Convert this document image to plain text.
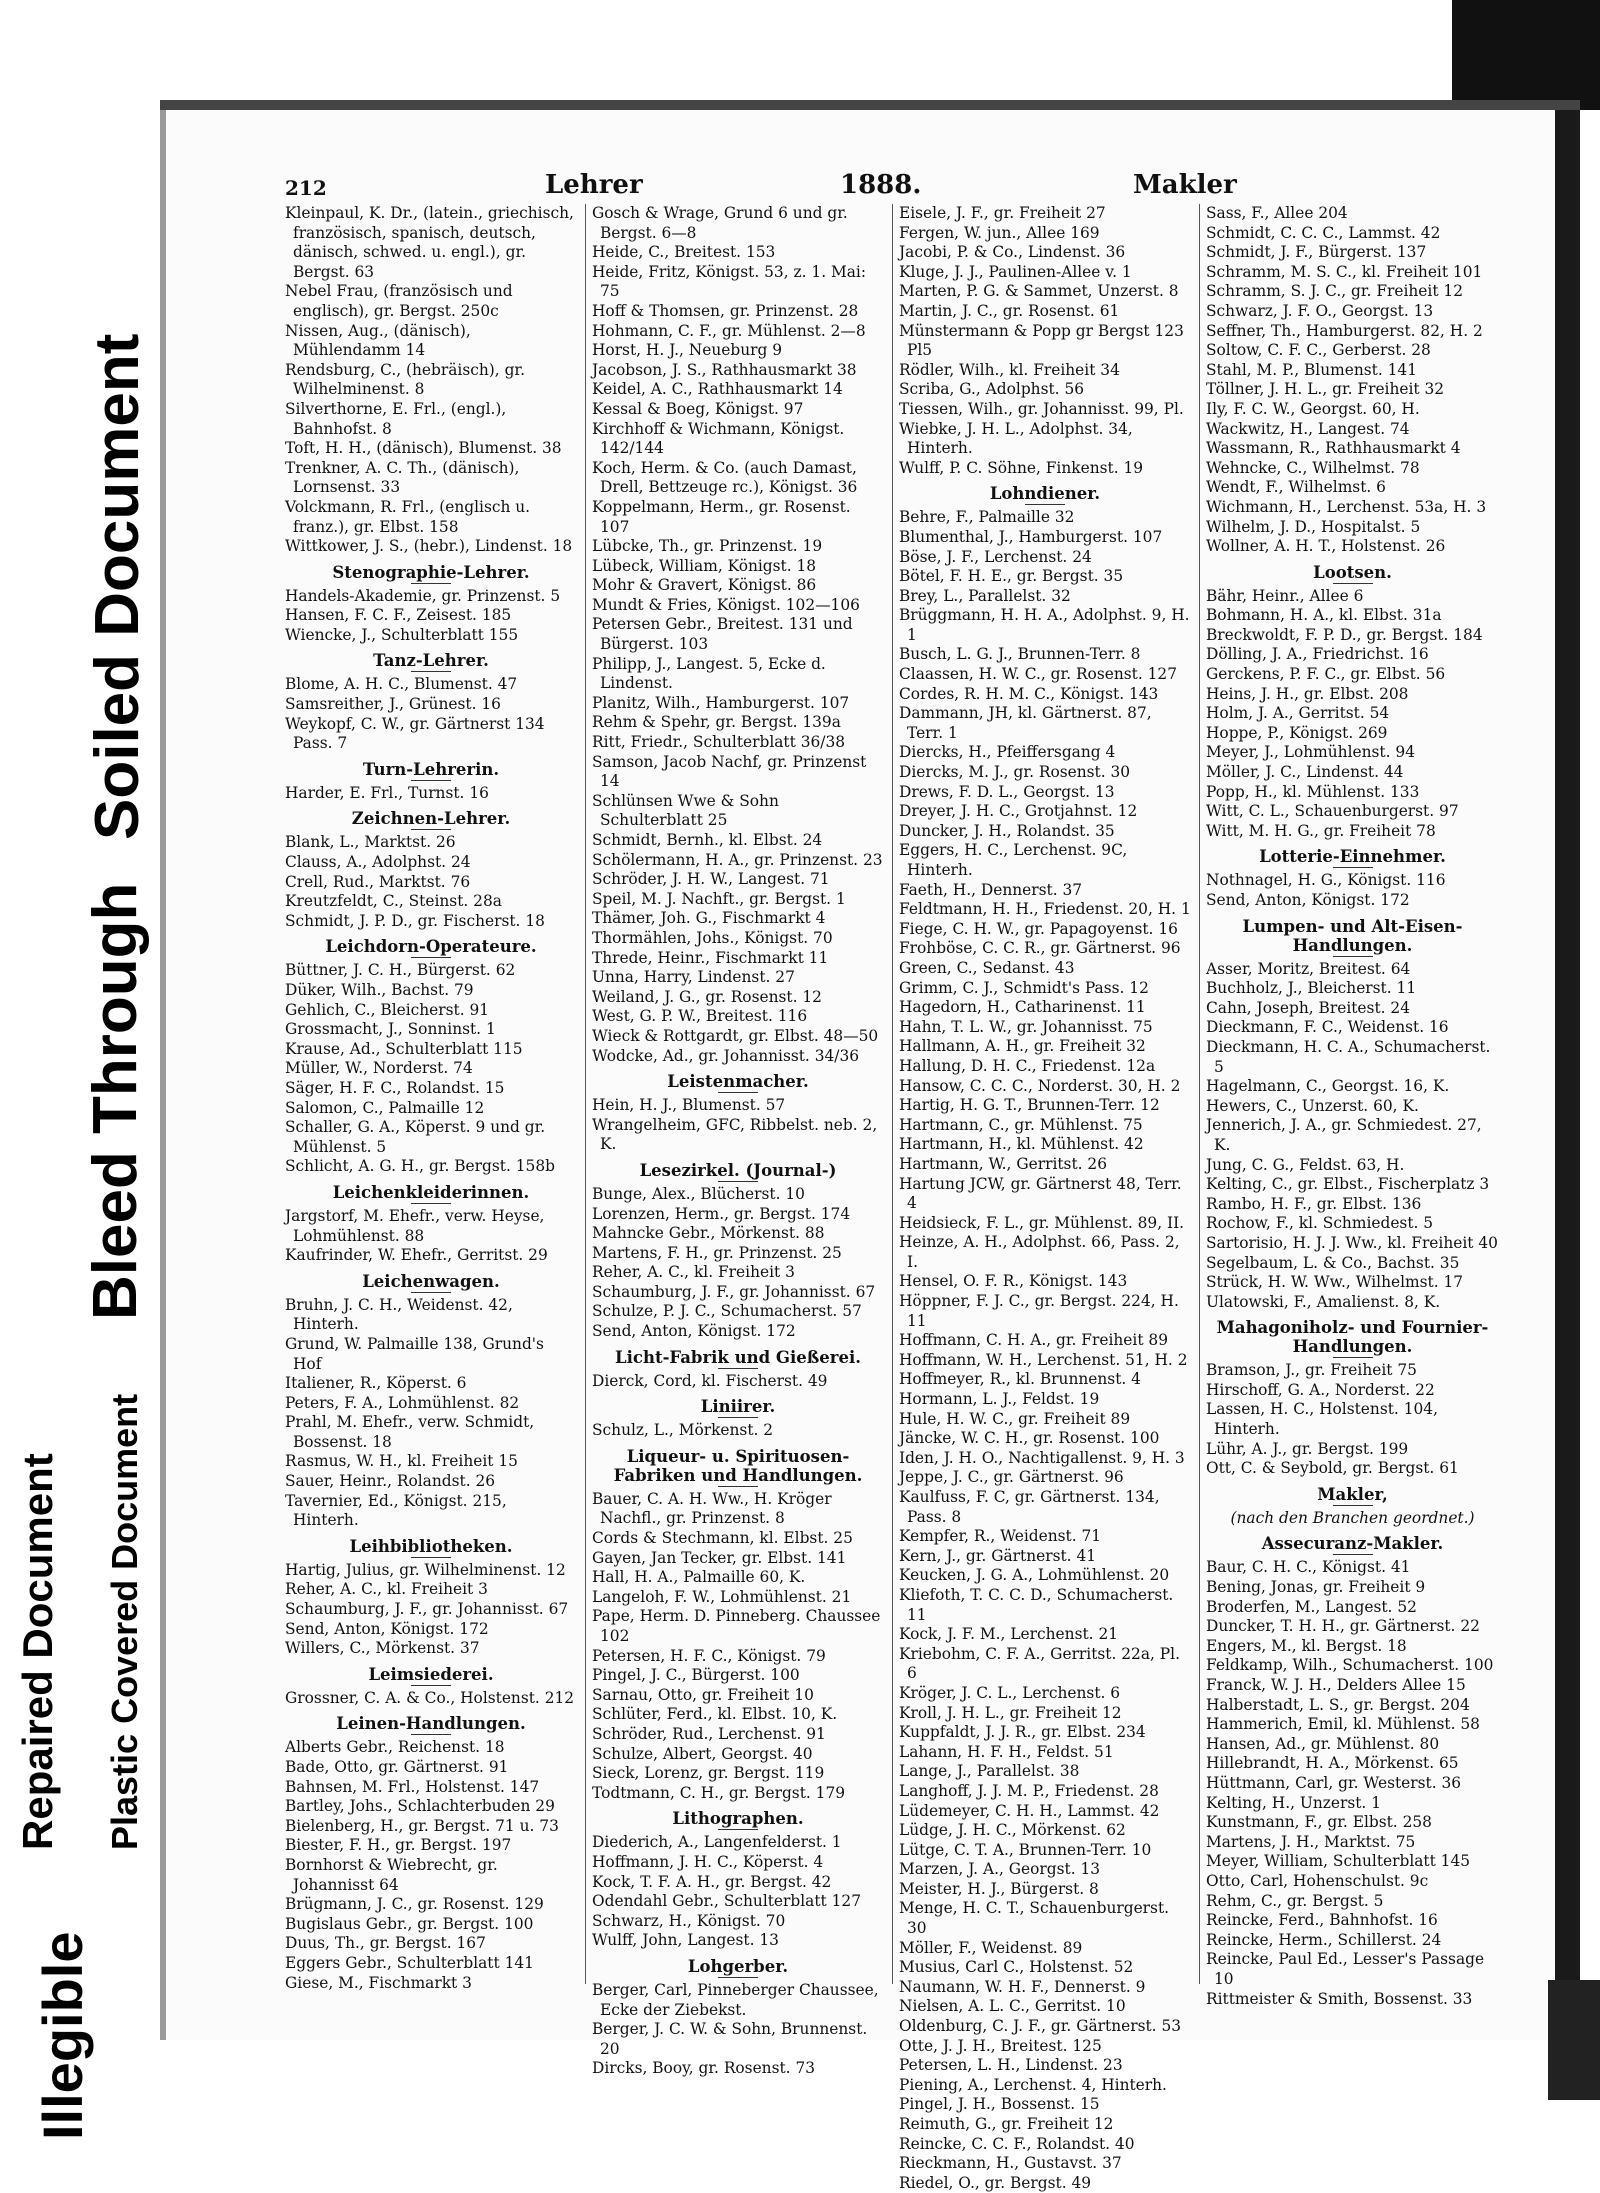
Illegible
Repaired Document Plastic Covered Document
Bleed Through
Soiled Document
212	Lehrer	1888.	Makler
Kleinpaul, K. Dr., (latein., griechisch, französisch, spanisch, deutsch, dänisch, schwed. u. engl.), gr. Bergst. 63
Nebel Frau, (französisch und englisch), gr. Bergst. 250c
Nissen, Aug., (dänisch), Mühlendamm 14
Rendsburg, C., (hebräisch), gr. Wilhelminenst. 8
Silverthorne, E. Frl., (engl.), Bahnhofst. 8
Toft, H. H., (dänisch), Blumenst. 38
Trenkner, A. C. Th., (dänisch), Lornsenst. 33
Volckmann, R. Frl., (englisch u. franz.), gr. Elbst. 158
Wittkower, J. S., (hebr.), Lindenst. 18
Stenographie-Lehrer.
Handels-Akademie, gr. Prinzenst. 5
Hansen, F. C. F., Zeisest. 185
Wiencke, J., Schulterblatt 155
Tanz-Lehrer.
Blome, A. H. C., Blumenst. 47
Samsreither, J., Grünest. 16
Weykopf, C. W., gr. Gärtnerst 134 Pass. 7
Turn-Lehrerin.
Harder, E. Frl., Turnst. 16
Zeichnen-Lehrer.
Blank, L., Marktst. 26
Clauss, A., Adolphst. 24
Crell, Rud., Marktst. 76
Kreutzfeldt, C., Steinst. 28a
Schmidt, J. P. D., gr. Fischerst. 18
Leichdorn-Operateure.
Büttner, J. C. H., Bürgerst. 62
Düker, Wilh., Bachst. 79
Gehlich, C., Bleicherst. 91
Grossmacht, J., Sonninst. 1
Krause, Ad., Schulterblatt 115
Müller, W., Norderst. 74
Säger, H. F. C., Rolandst. 15
Salomon, C., Palmaille 12
Schaller, G. A., Köperst. 9 und gr. Mühlenst. 5
Schlicht, A. G. H., gr. Bergst. 158b
Leichenkleiderinnen.
Jargstorf, M. Ehefr., verw. Heyse, Lohmühlenst. 88
Kaufrinder, W. Ehefr., Gerritst. 29
Leichenwagen.
Bruhn, J. C. H., Weidenst. 42, Hinterh.
Grund, W. Palmaille 138, Grund's Hof
Italiener, R., Köperst. 6
Peters, F. A., Lohmühlenst. 82
Prahl, M. Ehefr., verw. Schmidt, Bossenst. 18
Rasmus, W. H., kl. Freiheit 15
Sauer, Heinr., Rolandst. 26
Tavernier, Ed., Königst. 215, Hinterh.
Leihbibliotheken.
Hartig, Julius, gr. Wilhelminenst. 12
Reher, A. C., kl. Freiheit 3
Schaumburg, J. F., gr. Johannisst. 67
Send, Anton, Königst. 172
Willers, C., Mörkenst. 37
Leimsiederei.
Grossner, C. A. & Co., Holstenst. 212
Leinen-Handlungen.
Alberts Gebr., Reichenst. 18
Bade, Otto, gr. Gärtnerst. 91
Bahnsen, M. Frl., Holstenst. 147
Bartley, Johs., Schlachterbuden 29
Bielenberg, H., gr. Bergst. 71 u. 73
Biester, F. H., gr. Bergst. 197
Bornhorst & Wiebrecht, gr. Johannisst 64
Brügmann, J. C., gr. Rosenst. 129
Bugislaus Gebr., gr. Bergst. 100
Duus, Th., gr. Bergst. 167
Eggers Gebr., Schulterblatt 141
Giese, M., Fischmarkt 3
Gosch & Wrage, Grund 6 und gr. Bergst. 6—8
Heide, C., Breitest. 153
Heide, Fritz, Königst. 53, z. 1. Mai: 75
Hoff & Thomsen, gr. Prinzenst. 28
Hohmann, C. F., gr. Mühlenst. 2—8
Horst, H. J., Neueburg 9
Jacobson, J. S., Rathhausmarkt 38
Keidel, A. C., Rathhausmarkt 14
Kessal & Boeg, Königst. 97
Kirchhoff & Wichmann, Königst. 142/144
Koch, Herm. & Co. (auch Damast, Drell, Bettzeuge rc.), Königst. 36
Koppelmann, Herm., gr. Rosenst. 107
Lübcke, Th., gr. Prinzenst. 19
Lübeck, William, Königst. 18
Mohr & Gravert, Königst. 86
Mundt & Fries, Königst. 102—106
Petersen Gebr., Breitest. 131 und Bürgerst. 103
Philipp, J., Langest. 5, Ecke d. Lindenst.
Planitz, Wilh., Hamburgerst. 107
Rehm & Spehr, gr. Bergst. 139a
Ritt, Friedr., Schulterblatt 36/38
Samson, Jacob Nachf, gr. Prinzenst 14
Schlünsen Wwe & Sohn Schulterblatt 25
Schmidt, Bernh., kl. Elbst. 24
Schölermann, H. A., gr. Prinzenst. 23
Schröder, J. H. W., Langest. 71
Speil, M. J. Nachft., gr. Bergst. 1
Thämer, Joh. G., Fischmarkt 4
Thormählen, Johs., Königst. 70
Threde, Heinr., Fischmarkt 11
Unna, Harry, Lindenst. 27
Weiland, J. G., gr. Rosenst. 12
West, G. P. W., Breitest. 116
Wieck & Rottgardt, gr. Elbst. 48—50
Wodcke, Ad., gr. Johannisst. 34/36
Leistenmacher.
Hein, H. J., Blumenst. 57
Wrangelheim, GFC, Ribbelst. neb. 2, K.
Lesezirkel. (Journal-)
Bunge, Alex., Blücherst. 10
Lorenzen, Herm., gr. Bergst. 174
Mahncke Gebr., Mörkenst. 88
Martens, F. H., gr. Prinzenst. 25
Reher, A. C., kl. Freiheit 3
Schaumburg, J. F., gr. Johannisst. 67
Schulze, P. J. C., Schumacherst. 57
Send, Anton, Königst. 172
Licht-Fabrik und Gießerei.
Dierck, Cord, kl. Fischerst. 49
Liniirer.
Schulz, L., Mörkenst. 2
Liqueur- u. Spirituosen-Fabriken und Handlungen.
Bauer, C. A. H. Ww., H. Kröger Nachfl., gr. Prinzenst. 8
Cords & Stechmann, kl. Elbst. 25
Gayen, Jan Tecker, gr. Elbst. 141
Hall, H. A., Palmaille 60, K.
Langeloh, F. W., Lohmühlenst. 21
Pape, Herm. D. Pinneberg. Chaussee 102
Petersen, H. F. C., Königst. 79
Pingel, J. C., Bürgerst. 100
Sarnau, Otto, gr. Freiheit 10
Schlüter, Ferd., kl. Elbst. 10, K.
Schröder, Rud., Lerchenst. 91
Schulze, Albert, Georgst. 40
Sieck, Lorenz, gr. Bergst. 119
Todtmann, C. H., gr. Bergst. 179
Lithographen.
Diederich, A., Langenfelderst. 1
Hoffmann, J. H. C., Köperst. 4
Kock, T. F. A. H., gr. Bergst. 42
Odendahl Gebr., Schulterblatt 127
Schwarz, H., Königst. 70
Wulff, John, Langest. 13
Lohgerber.
Berger, Carl, Pinneberger Chaussee, Ecke der Ziebekst.
Berger, J. C. W. & Sohn, Brunnenst. 20
Dircks, Booy, gr. Rosenst. 73
Eisele, J. F., gr. Freiheit 27
Fergen, W. jun., Allee 169
Jacobi, P. & Co., Lindenst. 36
Kluge, J. J., Paulinen-Allee v. 1
Marten, P. G. & Sammet, Unzerst. 8
Martin, J. C., gr. Rosenst. 61
Münstermann & Popp gr Bergst 123 Pl5
Rödler, Wilh., kl. Freiheit 34
Scriba, G., Adolphst. 56
Tiessen, Wilh., gr. Johannisst. 99, Pl.
Wiebke, J. H. L., Adolphst. 34, Hinterh.
Wulff, P. C. Söhne, Finkenst. 19
Lohndiener.
Behre, F., Palmaille 32
Blumenthal, J., Hamburgerst. 107
Böse, J. F., Lerchenst. 24
Bötel, F. H. E., gr. Bergst. 35
Brey, L., Parallelst. 32
Brüggmann, H. H. A., Adolphst. 9, H. 1
Busch, L. G. J., Brunnen-Terr. 8
Claassen, H. W. C., gr. Rosenst. 127
Cordes, R. H. M. C., Königst. 143
Dammann, JH, kl. Gärtnerst. 87, Terr. 1
Diercks, H., Pfeiffersgang 4
Diercks, M. J., gr. Rosenst. 30
Drews, F. D. L., Georgst. 13
Dreyer, J. H. C., Grotjahnst. 12
Duncker, J. H., Rolandst. 35
Eggers, H. C., Lerchenst. 9C, Hinterh.
Faeth, H., Dennerst. 37
Feldtmann, H. H., Friedenst. 20, H. 1
Fiege, C. H. W., gr. Papagoyenst. 16
Frohböse, C. C. R., gr. Gärtnerst. 96
Green, C., Sedanst. 43
Grimm, C. J., Schmidt's Pass. 12
Hagedorn, H., Catharinenst. 11
Hahn, T. L. W., gr. Johannisst. 75
Hallmann, A. H., gr. Freiheit 32
Hallung, D. H. C., Friedenst. 12a
Hansow, C. C. C., Norderst. 30, H. 2
Hartig, H. G. T., Brunnen-Terr. 12
Hartmann, C., gr. Mühlenst. 75
Hartmann, H., kl. Mühlenst. 42
Hartmann, W., Gerritst. 26
Hartung JCW, gr. Gärtnerst 48, Terr. 4
Heidsieck, F. L., gr. Mühlenst. 89, II.
Heinze, A. H., Adolphst. 66, Pass. 2, I.
Hensel, O. F. R., Königst. 143
Höppner, F. J. C., gr. Bergst. 224, H. 11
Hoffmann, C. H. A., gr. Freiheit 89
Hoffmann, W. H., Lerchenst. 51, H. 2
Hoffmeyer, R., kl. Brunnenst. 4
Hormann, L. J., Feldst. 19
Hule, H. W. C., gr. Freiheit 89
Jäncke, W. C. H., gr. Rosenst. 100
Iden, J. H. O., Nachtigallenst. 9, H. 3
Jeppe, J. C., gr. Gärtnerst. 96
Kaulfuss, F. C, gr. Gärtnerst. 134, Pass. 8
Kempfer, R., Weidenst. 71
Kern, J., gr. Gärtnerst. 41
Keucken, J. G. A., Lohmühlenst. 20
Kliefoth, T. C. C. D., Schumacherst. 11
Kock, J. F. M., Lerchenst. 21
Kriebohm, C. F. A., Gerritst. 22a, Pl. 6
Kröger, J. C. L., Lerchenst. 6
Kroll, J. H. L., gr. Freiheit 12
Kuppfaldt, J. J. R., gr. Elbst. 234
Lahann, H. F. H., Feldst. 51
Lange, J., Parallelst. 38
Langhoff, J. J. M. P., Friedenst. 28
Lüdemeyer, C. H. H., Lammst. 42
Lüdge, J. H. C., Mörkenst. 62
Lütge, C. T. A., Brunnen-Terr. 10
Marzen, J. A., Georgst. 13
Meister, H. J., Bürgerst. 8
Menge, H. C. T., Schauenburgerst. 30
Möller, F., Weidenst. 89
Musius, Carl C., Holstenst. 52
Naumann, W. H. F., Dennerst. 9
Nielsen, A. L. C., Gerritst. 10
Oldenburg, C. J. F., gr. Gärtnerst. 53
Otte, J. J. H., Breitest. 125
Petersen, L. H., Lindenst. 23
Piening, A., Lerchenst. 4, Hinterh.
Pingel, J. H., Bossenst. 15
Reimuth, G., gr. Freiheit 12
Reincke, C. C. F., Rolandst. 40
Rieckmann, H., Gustavst. 37
Riedel, O., gr. Bergst. 49
Sass, F., Allee 204
Schmidt, C. C. C., Lammst. 42
Schmidt, J. F., Bürgerst. 137
Schramm, M. S. C., kl. Freiheit 101
Schramm, S. J. C., gr. Freiheit 12
Schwarz, J. F. O., Georgst. 13
Seffner, Th., Hamburgerst. 82, H. 2
Soltow, C. F. C., Gerberst. 28
Stahl, M. P., Blumenst. 141
Töllner, J. H. L., gr. Freiheit 32
Ily, F. C. W., Georgst. 60, H.
Wackwitz, H., Langest. 74
Wassmann, R., Rathhausmarkt 4
Wehncke, C., Wilhelmst. 78
Wendt, F., Wilhelmst. 6
Wichmann, H., Lerchenst. 53a, H. 3
Wilhelm, J. D., Hospitalst. 5
Wollner, A. H. T., Holstenst. 26
Lootsen.
Bähr, Heinr., Allee 6
Bohmann, H. A., kl. Elbst. 31a
Breckwoldt, F. P. D., gr. Bergst. 184
Dölling, J. A., Friedrichst. 16
Gerckens, P. F. C., gr. Elbst. 56
Heins, J. H., gr. Elbst. 208
Holm, J. A., Gerritst. 54
Hoppe, P., Königst. 269
Meyer, J., Lohmühlenst. 94
Möller, J. C., Lindenst. 44
Popp, H., kl. Mühlenst. 133
Witt, C. L., Schauenburgerst. 97
Witt, M. H. G., gr. Freiheit 78
Lotterie-Einnehmer.
Nothnagel, H. G., Königst. 116
Send, Anton, Königst. 172
Lumpen- und Alt-Eisen-Handlungen.
Asser, Moritz, Breitest. 64
Buchholz, J., Bleicherst. 11
Cahn, Joseph, Breitest. 24
Dieckmann, F. C., Weidenst. 16
Dieckmann, H. C. A., Schumacherst. 5
Hagelmann, C., Georgst. 16, K.
Hewers, C., Unzerst. 60, K.
Jennerich, J. A., gr. Schmiedest. 27, K.
Jung, C. G., Feldst. 63, H.
Kelting, C., gr. Elbst., Fischerplatz 3
Rambo, H. F., gr. Elbst. 136
Rochow, F., kl. Schmiedest. 5
Sartorisio, H. J. J. Ww., kl. Freiheit 40
Segelbaum, L. & Co., Bachst. 35
Strück, H. W. Ww., Wilhelmst. 17
Ulatowski, F., Amalienst. 8, K.
Mahagoniholz- und Fournier-Handlungen.
Bramson, J., gr. Freiheit 75
Hirschoff, G. A., Norderst. 22
Lassen, H. C., Holstenst. 104, Hinterh.
Lühr, A. J., gr. Bergst. 199
Ott, C. & Seybold, gr. Bergst. 61
Makler,
(nach den Branchen geordnet.)
Assecuranz-Makler.
Baur, C. H. C., Königst. 41
Bening, Jonas, gr. Freiheit 9
Broderfen, M., Langest. 52
Duncker, T. H. H., gr. Gärtnerst. 22
Engers, M., kl. Bergst. 18
Feldkamp, Wilh., Schumacherst. 100
Franck, W. J. H., Delders Allee 15
Halberstadt, L. S., gr. Bergst. 204
Hammerich, Emil, kl. Mühlenst. 58
Hansen, Ad., gr. Mühlenst. 80
Hillebrandt, H. A., Mörkenst. 65
Hüttmann, Carl, gr. Westerst. 36
Kelting, H., Unzerst. 1
Kunstmann, F., gr. Elbst. 258
Martens, J. H., Marktst. 75
Meyer, William, Schulterblatt 145
Otto, Carl, Hohenschulst. 9c
Rehm, C., gr. Bergst. 5
Reincke, Ferd., Bahnhofst. 16
Reincke, Herm., Schillerst. 24
Reincke, Paul Ed., Lesser's Passage 10
Rittmeister & Smith, Bossenst. 33
